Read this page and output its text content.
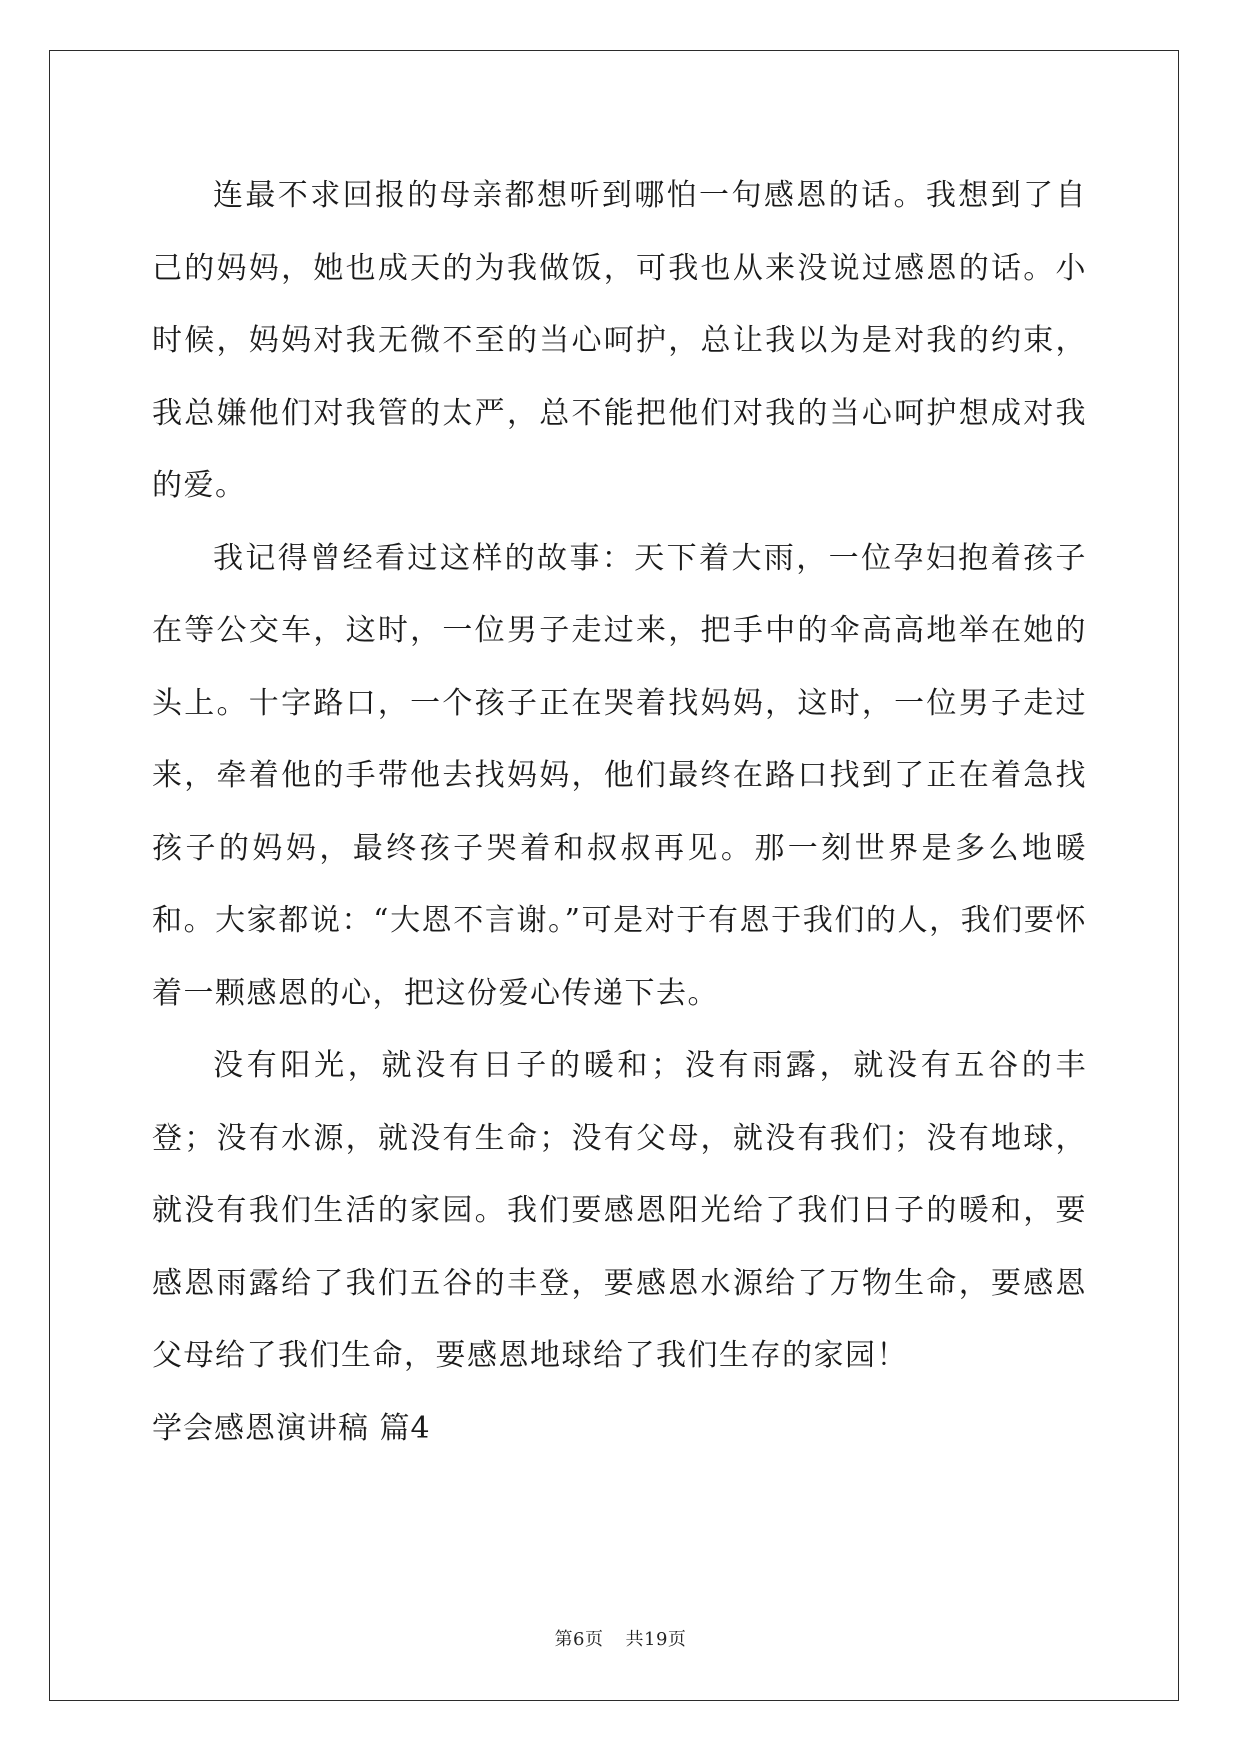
连最不求回报的母亲都想听到哪怕一句感恩的话。我想到了自己的妈妈，她也成天的为我做饭，可我也从来没说过感恩的话。小时候，妈妈对我无微不至的当心呵护，总让我以为是对我的约束，我总嫌他们对我管的太严，总不能把他们对我的当心呵护想成对我的爱。

我记得曾经看过这样的故事：天下着大雨，一位孕妇抱着孩子在等公交车，这时，一位男子走过来，把手中的伞高高地举在她的头上。十字路口，一个孩子正在哭着找妈妈，这时，一位男子走过来，牵着他的手带他去找妈妈，他们最终在路口找到了正在着急找孩子的妈妈，最终孩子哭着和叔叔再见。那一刻世界是多么地暖和。大家都说：“大恩不言谢。”可是对于有恩于我们的人，我们要怀着一颗感恩的心，把这份爱心传递下去。

没有阳光，就没有日子的暖和；没有雨露，就没有五谷的丰登；没有水源，就没有生命；没有父母，就没有我们；没有地球，就没有我们生活的家园。我们要感恩阳光给了我们日子的暖和，要感恩雨露给了我们五谷的丰登，要感恩水源给了万物生命，要感恩父母给了我们生命，要感恩地球给了我们生存的家园！

学会感恩演讲稿 篇4

第6页 共19页
